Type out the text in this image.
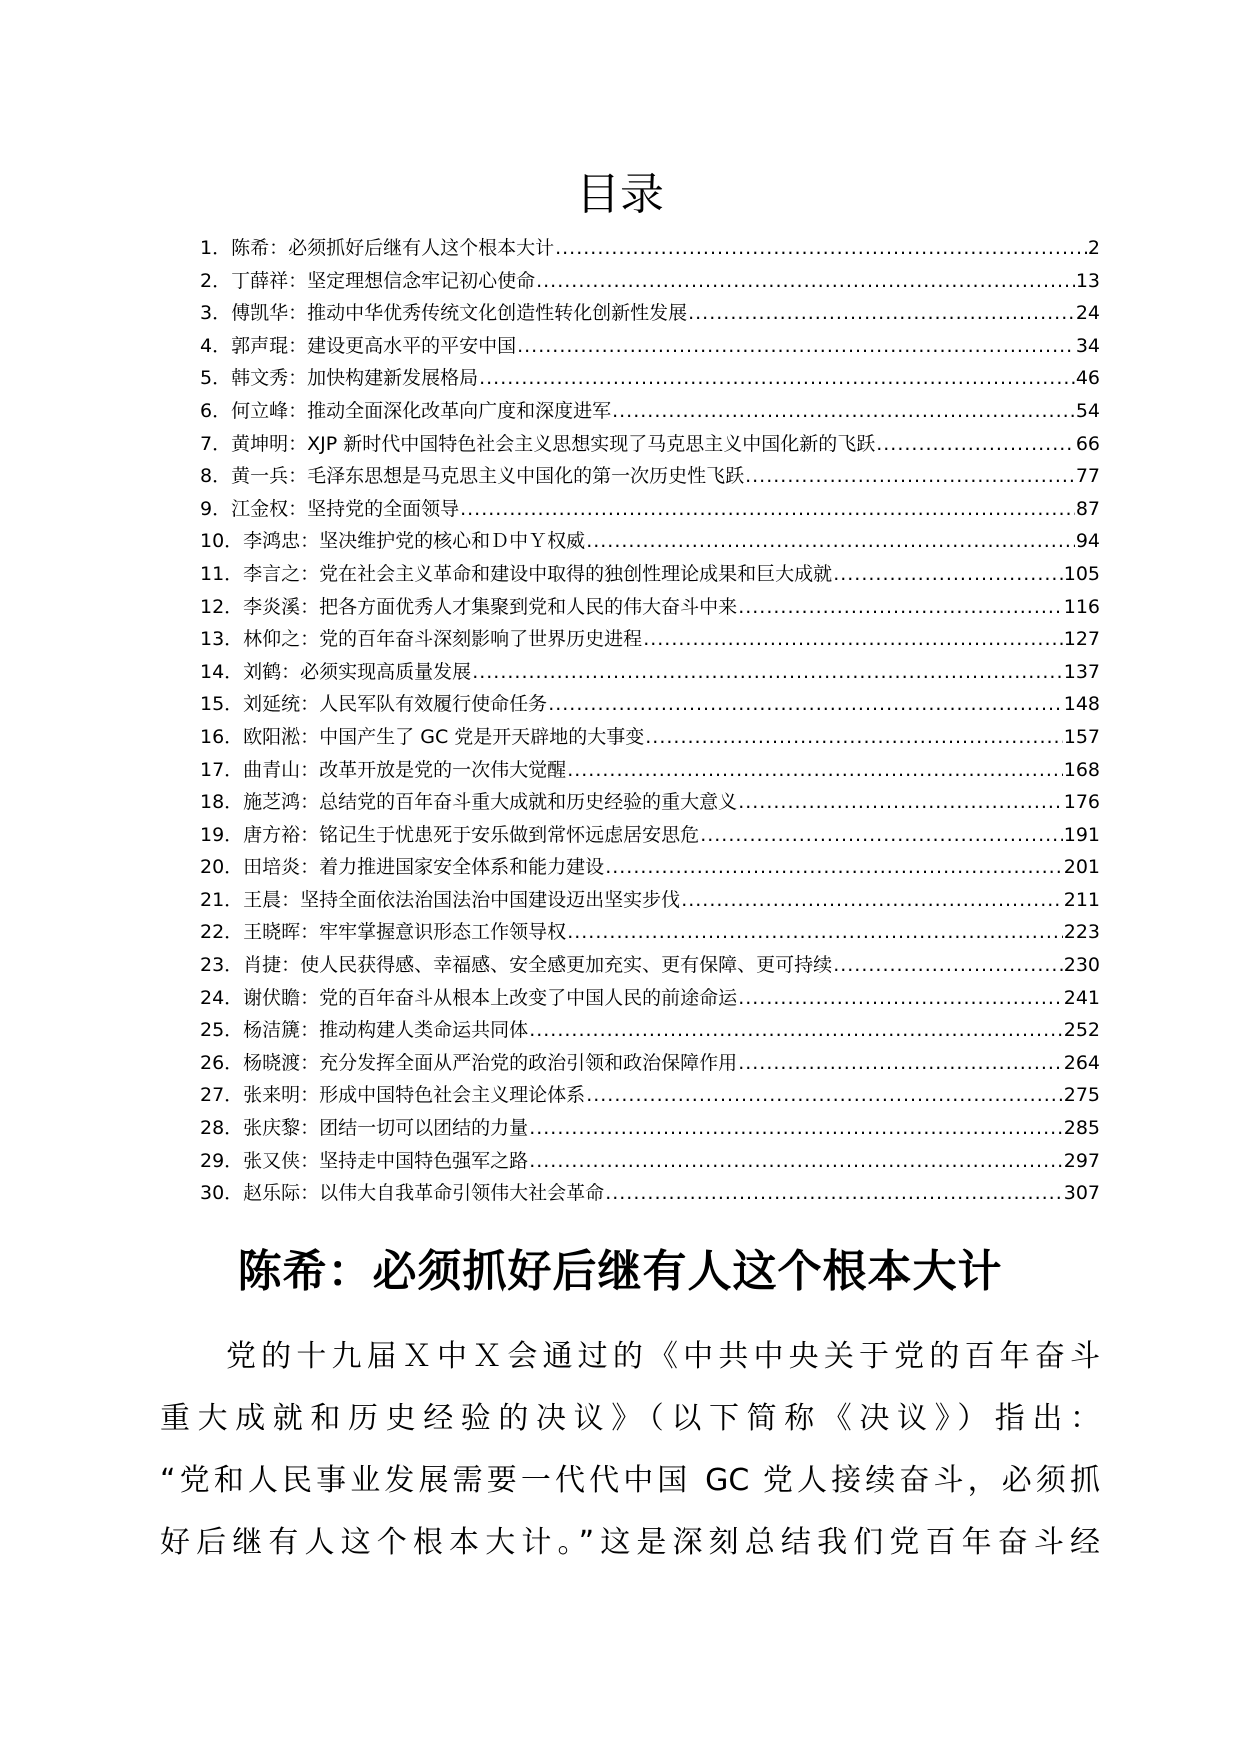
目录
1．陈希：必须抓好后继有人这个根本大计 .....	2
2．丁薛祥：坚定理想信念牢记初心使命 .....	13
3．傅凯华：推动中华优秀传统文化创造性转化创新性发展 .....	24
4．郭声琨：建设更高水平的平安中国 .....	34
5．韩文秀：加快构建新发展格局 .....	46
6．何立峰：推动全面深化改革向广度和深度进军 .....	54
7．黄坤明：XJP 新时代中国特色社会主义思想实现了马克思主义中国化新的飞跃 .....	66
8．黄一兵：毛泽东思想是马克思主义中国化的第一次历史性飞跃 .....	77
9．江金权：坚持党的全面领导 .....	87
10．李鸿忠：坚决维护党的核心和Ｄ中Ｙ权威 .....	94
11．李言之：党在社会主义革命和建设中取得的独创性理论成果和巨大成就 .....	105
12．李炎溪：把各方面优秀人才集聚到党和人民的伟大奋斗中来 .....	116
13．林仰之：党的百年奋斗深刻影响了世界历史进程 .....	127
14．刘鹤：必须实现高质量发展 .....	137
15．刘延统：人民军队有效履行使命任务 .....	148
16．欧阳淞：中国产生了 GC 党是开天辟地的大事变 .....	157
17．曲青山：改革开放是党的一次伟大觉醒 .....	168
18．施芝鸿：总结党的百年奋斗重大成就和历史经验的重大意义 .....	176
19．唐方裕：铭记生于忧患死于安乐做到常怀远虑居安思危 .....	191
20．田培炎：着力推进国家安全体系和能力建设 .....	201
21．王晨：坚持全面依法治国法治中国建设迈出坚实步伐 .....	211
22．王晓晖：牢牢掌握意识形态工作领导权 .....	223
23．肖捷：使人民获得感、幸福感、安全感更加充实、更有保障、更可持续 .....	230
24．谢伏瞻：党的百年奋斗从根本上改变了中国人民的前途命运 .....	241
25．杨洁篪：推动构建人类命运共同体 .....	252
26．杨晓渡：充分发挥全面从严治党的政治引领和政治保障作用 .....	264
27．张来明：形成中国特色社会主义理论体系 .....	275
28．张庆黎：团结一切可以团结的力量 .....	285
29．张又侠：坚持走中国特色强军之路 .....	297
30．赵乐际：以伟大自我革命引领伟大社会革命 .....	307
陈希：必须抓好后继有人这个根本大计
党的十九届Ｘ中Ｘ会通过的《中共中央关于党的百年奋斗
重大成就和历史经验的决议》（以下简称《决议》）指出：
“党和人民事业发展需要一代代中国 GC 党人接续奋斗，必须抓
好后继有人这个根本大计。”这是深刻总结我们党百年奋斗经
